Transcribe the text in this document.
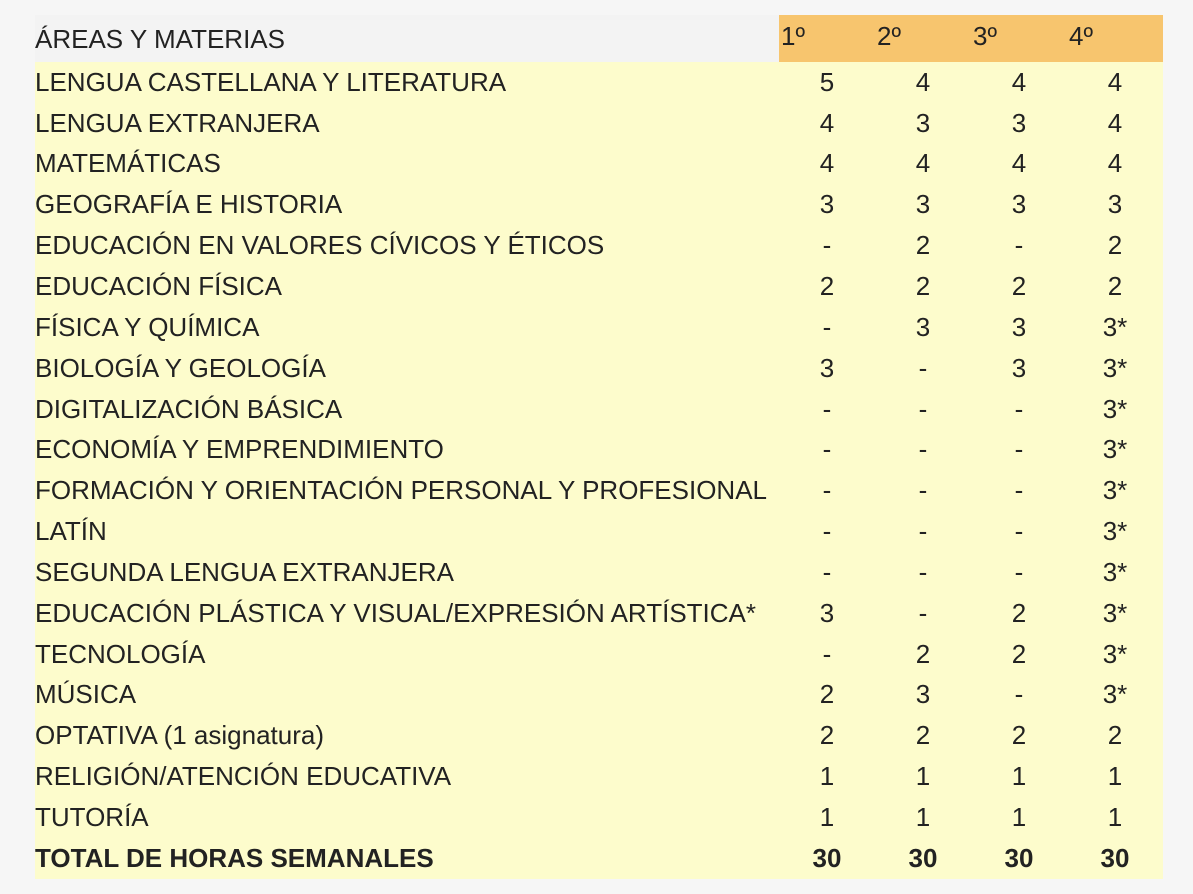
ÁREAS Y MATERIAS	1º	2º	3º	4º
LENGUA CASTELLANA Y LITERATURA	5	4	4	4
LENGUA EXTRANJERA	4	3	3	4
MATEMÁTICAS	4	4	4	4
GEOGRAFÍA E HISTORIA	3	3	3	3
EDUCACIÓN EN VALORES CÍVICOS Y ÉTICOS	-	2	-	2
EDUCACIÓN FÍSICA	2	2	2	2
FÍSICA Y QUÍMICA	-	3	3	3*
BIOLOGÍA Y GEOLOGÍA	3	-	3	3*
DIGITALIZACIÓN BÁSICA	-	-	-	3*
ECONOMÍA Y EMPRENDIMIENTO	-	-	-	3*
FORMACIÓN Y ORIENTACIÓN PERSONAL Y PROFESIONAL	-	-	-	3*
LATÍN	-	-	-	3*
SEGUNDA LENGUA EXTRANJERA	-	-	-	3*
EDUCACIÓN PLÁSTICA Y VISUAL/EXPRESIÓN ARTÍSTICA*	3	-	2	3*
TECNOLOGÍA	-	2	2	3*
MÚSICA	2	3	-	3*
OPTATIVA (1 asignatura)	2	2	2	2
RELIGIÓN/ATENCIÓN EDUCATIVA	1	1	1	1
TUTORÍA	1	1	1	1
TOTAL DE HORAS SEMANALES	30	30	30	30
